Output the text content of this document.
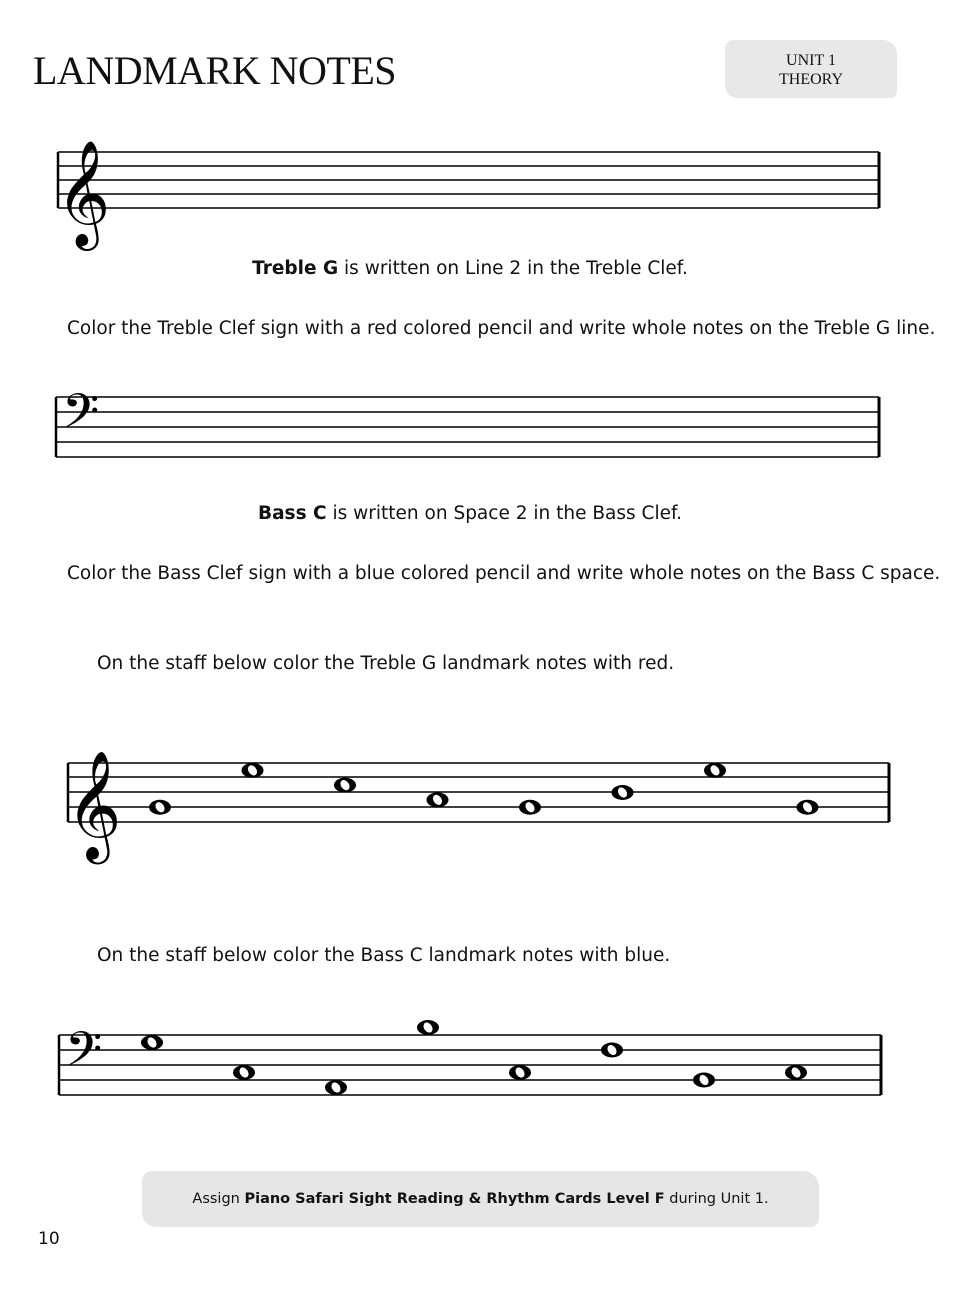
LANDMARK NOTES	UNIT 1
THEORY
𝄞

Treble G is written on Line 2 in the Treble Clef.

Color the Treble Clef sign with a red colored pencil and write whole notes on the Treble G line.

𝄢

Bass C is written on Space 2 in the Bass Clef.

Color the Bass Clef sign with a blue colored pencil and write whole notes on the Bass C space.

On the staff below color the Treble G landmark notes with red.

𝄞

On the staff below color the Bass C landmark notes with blue.

𝄢
Assign Piano Safari Sight Reading & Rhythm Cards Level F during Unit 1.
10
